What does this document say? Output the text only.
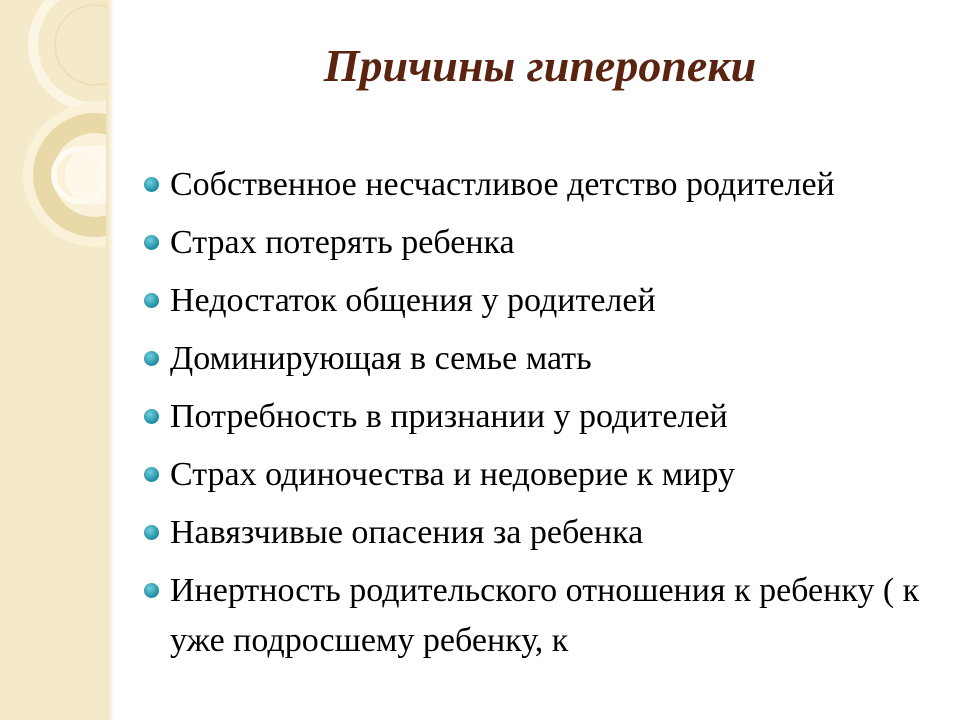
Причины гиперопеки
Собственное несчастливое детство родителей
Страх потерять ребенка
Недостаток общения у родителей
Доминирующая в семье мать
Потребность в признании у родителей
Страх одиночества и недоверие к миру
Навязчивые опасения за ребенка
Инертность родительского отношения к ребенку ( к уже подросшему ребенку, к
